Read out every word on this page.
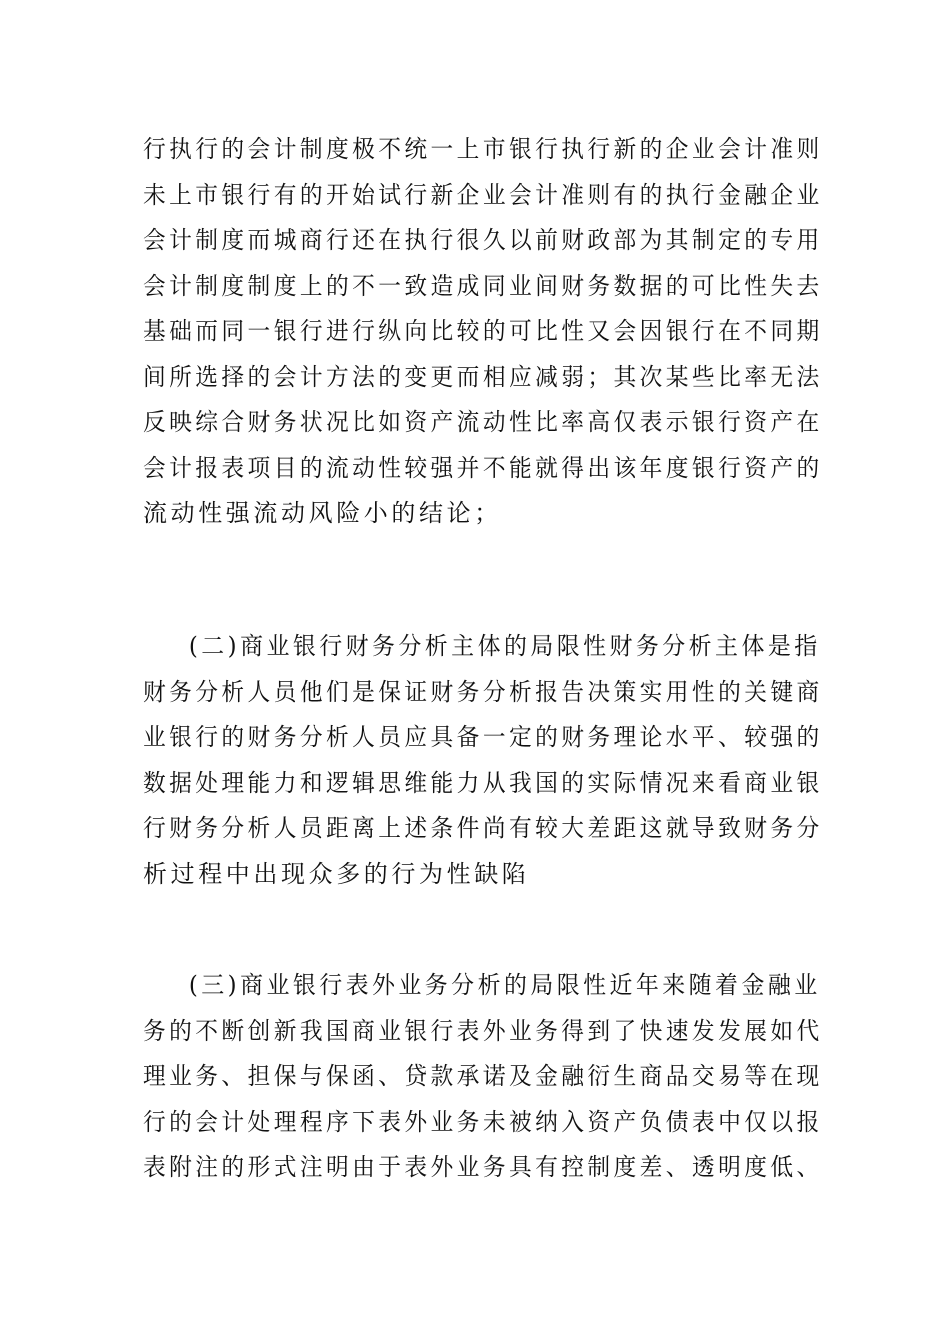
行执行的会计制度极不统一上市银行执行新的企业会计准则
未上市银行有的开始试行新企业会计准则有的执行金融企业
会计制度而城商行还在执行很久以前财政部为其制定的专用
会计制度制度上的不一致造成同业间财务数据的可比性失去
基础而同一银行进行纵向比较的可比性又会因银行在不同期
间所选择的会计方法的变更而相应减弱；其次某些比率无法
反映综合财务状况比如资产流动性比率高仅表示银行资产在
会计报表项目的流动性较强并不能就得出该年度银行资产的
流动性强流动风险小的结论；
(二)商业银行财务分析主体的局限性财务分析主体是指
财务分析人员他们是保证财务分析报告决策实用性的关键商
业银行的财务分析人员应具备一定的财务理论水平、较强的
数据处理能力和逻辑思维能力从我国的实际情况来看商业银
行财务分析人员距离上述条件尚有较大差距这就导致财务分
析过程中出现众多的行为性缺陷
(三)商业银行表外业务分析的局限性近年来随着金融业
务的不断创新我国商业银行表外业务得到了快速发发展如代
理业务、担保与保函、贷款承诺及金融衍生商品交易等在现
行的会计处理程序下表外业务未被纳入资产负债表中仅以报
表附注的形式注明由于表外业务具有控制度差、透明度低、
